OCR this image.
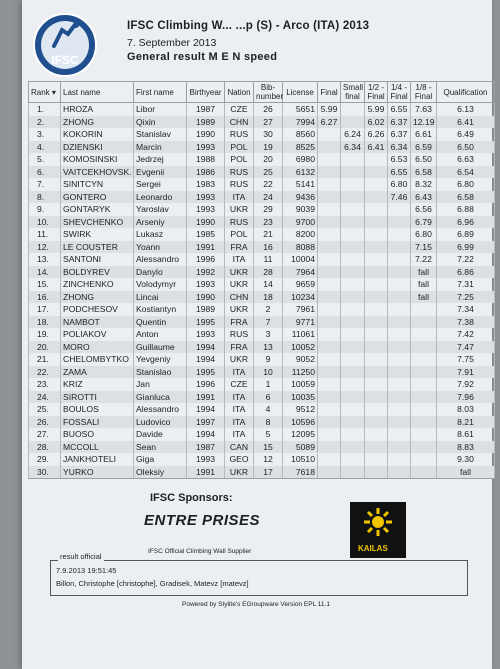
IFSC
IFSC Climbing W... ...p (S) - Arco (ITA) 2013
7. September 2013
General result M E N speed
Rank ▾	Last name	First name	Birthyear	Nation	Bib-number	License	Final	Small final	1/2 - Final	1/4 - Final	1/8 - Final	Qualification
1.	HROZA	Libor	1987	CZE	26	5651	5.99		5.99	6.55	7.63	6.13
2.	ZHONG	Qixin	1989	CHN	27	7994	6.27		6.02	6.37	12.19	6.41
3.	KOKORIN	Stanislav	1990	RUS	30	8560		6.24	6.26	6.37	6.61	6.49
4.	DZIENSKI	Marcin	1993	POL	19	8525		6.34	6.41	6.34	6.59	6.50
5.	KOMOSINSKI	Jedrzej	1988	POL	20	6980				6.53	6.50	6.63
6.	VAITCEKHOVSK.	Evgenii	1986	RUS	25	6132				6.55	6.58	6.54
7.	SINITCYN	Sergei	1983	RUS	22	5141				6.80	8.32	6.80
8.	GONTERO	Leonardo	1993	ITA	24	9436				7.46	6.43	6.58
9.	GONTARYK	Yaroslav	1993	UKR	29	9039					6.56	6.88
10.	SHEVCHENKO	Arseniy	1990	RUS	23	9700					6.79	6.96
11.	SWIRK	Lukasz	1985	POL	21	8200					6.80	6.89
12.	LE COUSTER	Yoann	1991	FRA	16	8088					7.15	6.99
13.	SANTONI	Alessandro	1996	ITA	11	10004					7.22	7.22
14.	BOLDYREV	Danylo	1992	UKR	28	7964					fall	6.86
15.	ZINCHENKO	Volodymyr	1993	UKR	14	9659					fall	7.31
16.	ZHONG	Lincai	1990	CHN	18	10234					fall	7.25
17.	PODCHESOV	Kostiantyn	1989	UKR	2	7961						7.34
18.	NAMBOT	Quentin	1995	FRA	7	9771						7.38
19.	POLIAKOV	Anton	1993	RUS	3	11061						7.42
20.	MORO	Guillaume	1994	FRA	13	10052						7.47
21.	CHELOMBYTKO	Yevgeniy	1994	UKR	9	9052						7.75
22.	ZAMA	Stanislao	1995	ITA	10	11250						7.91
23.	KRIZ	Jan	1996	CZE	1	10059						7.92
24.	SIROTTI	Gianluca	1991	ITA	6	10035						7.96
25.	BOULOS	Alessandro	1994	ITA	4	9512						8.03
26.	FOSSALI	Ludovico	1997	ITA	8	10596						8.21
27.	BUOSO	Davide	1994	ITA	5	12095						8.61
28.	MCCOLL	Sean	1987	CAN	15	5089						8.83
29.	JANKHOTELI	Giga	1993	GEO	12	10510						9.30
30.	YURKO	Oleksiy	1991	UKR	17	7618						fall
IFSC Sponsors:
ENTRE PRISES
IFSC Official Climbing Wall Supplier	KAILAS
result official
7.9.2013 19:51:45
Billon, Christophe [christophe], Gradisek, Matevz [matevz]
Powered by Stylite's EGroupware Version EPL 11.1
